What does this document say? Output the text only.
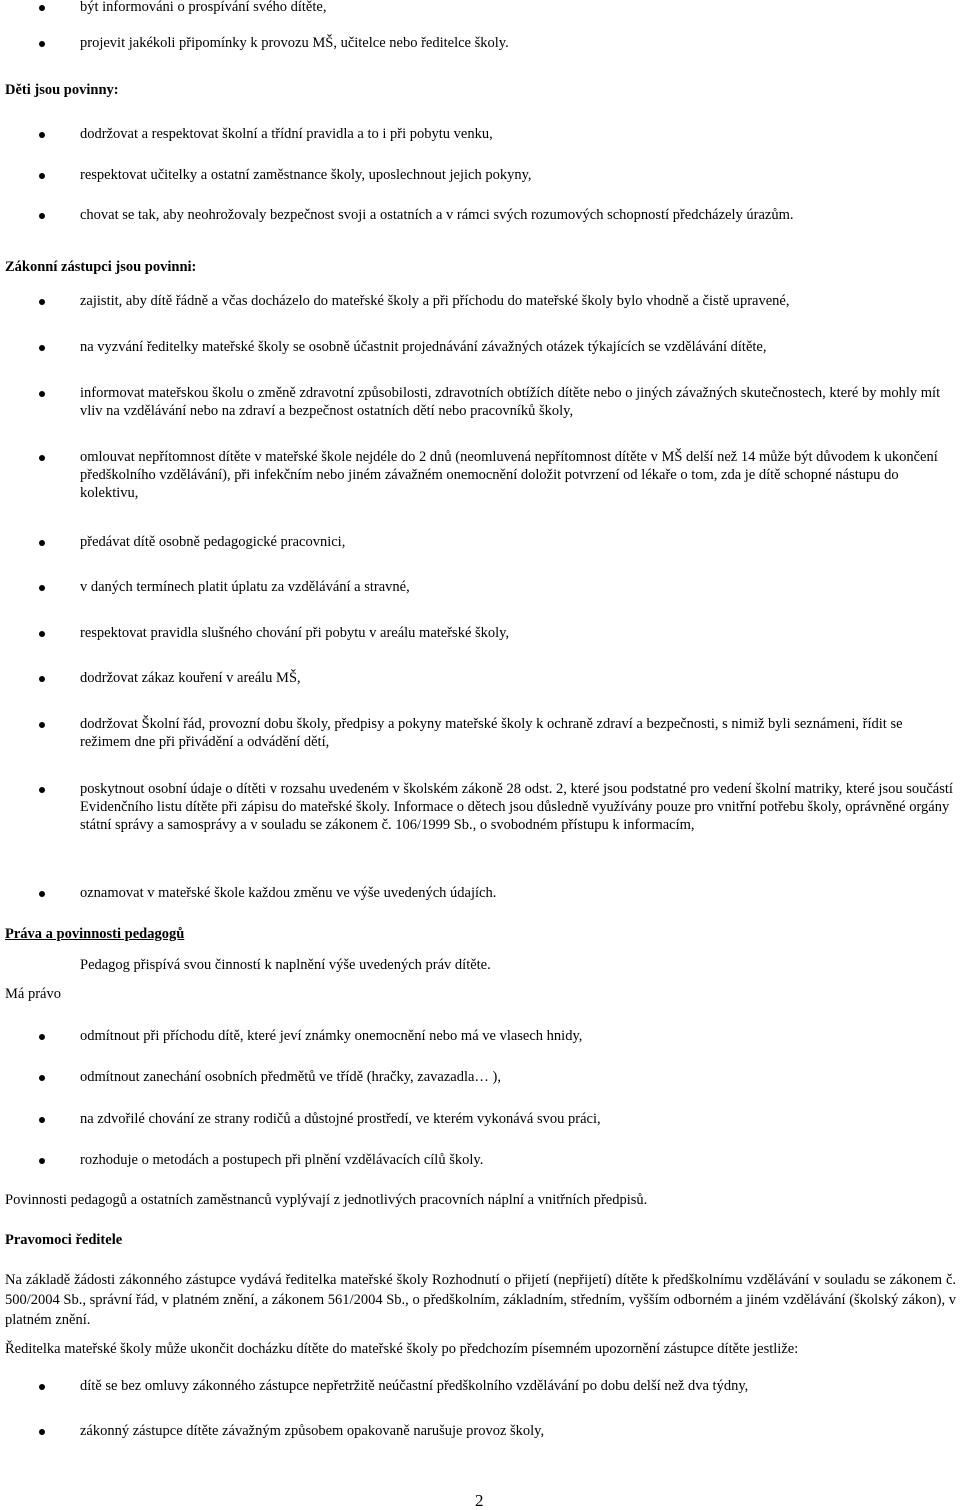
být informováni o prospívání svého dítěte,
projevit jakékoli připomínky k provozu MŠ, učitelce nebo ředitelce školy.
Děti jsou povinny:
dodržovat a respektovat školní a třídní pravidla a to i při pobytu venku,
respektovat učitelky a ostatní zaměstnance školy, uposlechnout jejich pokyny,
chovat se tak, aby neohrožovaly bezpečnost svoji a ostatních a v rámci svých rozumových schopností předcházely úrazům.
Zákonní zástupci jsou povinni:
zajistit, aby dítě řádně a včas docházelo do mateřské školy a při příchodu do mateřské školy bylo vhodně a čistě upravené,
na vyzvání ředitelky mateřské školy se osobně účastnit projednávání závažných otázek týkajících se vzdělávání dítěte,
informovat mateřskou školu o změně zdravotní způsobilosti, zdravotních obtížích dítěte nebo o jiných závažných skutečnostech, které by mohly mít vliv na vzdělávání nebo na zdraví a bezpečnost ostatních dětí nebo pracovníků školy,
omlouvat nepřítomnost dítěte v mateřské škole nejdéle do 2 dnů (neomluvená nepřítomnost dítěte v MŠ delší než 14 může být důvodem k ukončení předškolního vzdělávání), při infekčním nebo jiném závažném onemocnění doložit potvrzení od lékaře o tom, zda je dítě schopné nástupu do kolektivu,
předávat dítě osobně pedagogické pracovnici,
v daných termínech platit úplatu za vzdělávání a stravné,
respektovat pravidla slušného chování při pobytu v areálu mateřské školy,
dodržovat zákaz kouření v areálu MŠ,
dodržovat Školní řád, provozní dobu školy, předpisy a pokyny mateřské školy k ochraně zdraví a bezpečnosti, s nimiž byli seznámeni, řídit se režimem dne při přivádění a odvádění dětí,
poskytnout osobní údaje o dítěti v rozsahu uvedeném v školském zákoně 28 odst. 2, které jsou podstatné pro vedení školní matriky, které jsou součástí Evidenčního listu dítěte při zápisu do mateřské školy. Informace o dětech jsou důsledně využívány pouze pro vnitřní potřebu školy, oprávněné orgány státní správy a samosprávy a v souladu se zákonem č. 106/1999 Sb., o svobodném přístupu k informacím,
oznamovat v mateřské škole každou změnu ve výše uvedených údajích.
Práva a povinnosti pedagogů
Pedagog přispívá svou činností k naplnění výše uvedených práv dítěte.
Má právo
odmítnout při příchodu dítě, které jeví známky onemocnění nebo má ve vlasech hnidy,
odmítnout zanechání osobních předmětů ve třídě (hračky, zavazadla… ),
na zdvořilé chování ze strany rodičů a důstojné prostředí, ve kterém vykonává svou práci,
rozhoduje o metodách a postupech při plnění vzdělávacích cílů školy.
Povinnosti pedagogů a ostatních zaměstnanců vyplývají z jednotlivých pracovních náplní a vnitřních předpisů.
Pravomoci ředitele
Na základě žádosti zákonného zástupce vydává ředitelka mateřské školy Rozhodnutí o přijetí (nepřijetí) dítěte k předškolnímu vzdělávání v souladu se zákonem č. 500/2004 Sb., správní řád, v platném znění, a zákonem 561/2004 Sb., o předškolním, základním, středním, vyšším odborném a jiném vzdělávání (školský zákon), v platném znění.
Ředitelka mateřské školy může ukončit docházku dítěte do mateřské školy po předchozím písemném upozornění zástupce dítěte jestliže:
dítě se bez omluvy zákonného zástupce nepřetržitě neúčastní předškolního vzdělávání po dobu delší než dva týdny,
zákonný zástupce dítěte závažným způsobem opakovaně narušuje provoz školy,
2
